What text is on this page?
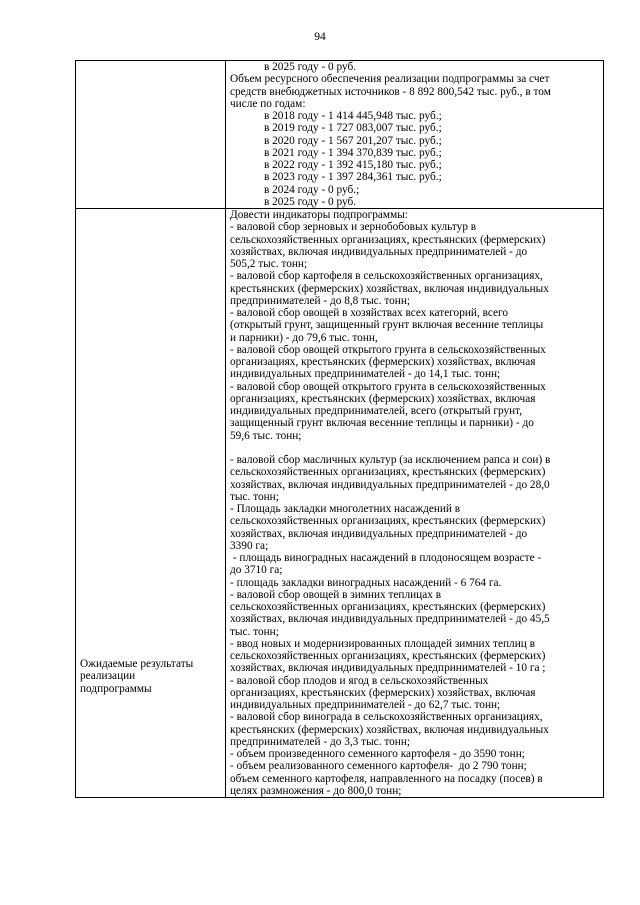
94
в 2025 году - 0 руб.
Объем ресурсного обеспечения реализации подпрограммы за счет
средств внебюджетных источников - 8 892 800,542 тыс. руб., в том
числе по годам:
в 2018 году - 1 414 445,948 тыс. руб.;
в 2019 году - 1 727 083,007 тыс. руб.;
в 2020 году - 1 567 201,207 тыс. руб.;
в 2021 году - 1 394 370,839 тыс. руб.;
в 2022 году - 1 392 415,180 тыс. руб.;
в 2023 году - 1 397 284,361 тыс. руб.;
в 2024 году - 0 руб.;
в 2025 году - 0 руб.
Ожидаемые результаты
реализации
подпрограммы
Довести индикаторы подпрограммы:
- валовой сбор зерновых и зернобобовых культур в
сельскохозяйственных организациях, крестьянских (фермерских)
хозяйствах, включая индивидуальных предпринимателей - до
505,2 тыс. тонн;
- валовой сбор картофеля в сельскохозяйственных организациях,
крестьянских (фермерских) хозяйствах, включая индивидуальных
предпринимателей - до 8,8 тыс. тонн;
- валовой сбор овощей в хозяйствах всех категорий, всего
(открытый грунт, защищенный грунт включая весенние теплицы
и парники) - до 79,6 тыс. тонн,
- валовой сбор овощей открытого грунта в сельскохозяйственных
организациях, крестьянских (фермерских) хозяйствах, включая
индивидуальных предпринимателей - до 14,1 тыс. тонн;
- валовой сбор овощей открытого грунта в сельскохозяйственных
организациях, крестьянских (фермерских) хозяйствах, включая
индивидуальных предпринимателей, всего (открытый грунт,
защищенный грунт включая весенние теплицы и парники) - до
59,6 тыс. тонн;
- валовой сбор масличных культур (за исключением рапса и сои) в
сельскохозяйственных организациях, крестьянских (фермерских)
хозяйствах, включая индивидуальных предпринимателей - до 28,0
тыс. тонн;
- Площадь закладки многолетних насаждений в
сельскохозяйственных организациях, крестьянских (фермерских)
хозяйствах, включая индивидуальных предпринимателей - до
3390 га;
- площадь виноградных насаждений в плодоносящем возрасте -
до 3710 га;
- площадь закладки виноградных насаждений - 6 764 га.
- валовой сбор овощей в зимних теплицах в
сельскохозяйственных организациях, крестьянских (фермерских)
хозяйствах, включая индивидуальных предпринимателей - до 45,5
тыс. тонн;
- ввод новых и модернизированных площадей зимних теплиц в
сельскохозяйственных организациях, крестьянских (фермерских)
хозяйствах, включая индивидуальных предпринимателей - 10 га ;
- валовой сбор плодов и ягод в сельскохозяйственных
организациях, крестьянских (фермерских) хозяйствах, включая
индивидуальных предпринимателей - до 62,7 тыс. тонн;
- валовой сбор винограда в сельскохозяйственных организациях,
крестьянских (фермерских) хозяйствах, включая индивидуальных
предпринимателей - до 3,3 тыс. тонн;
- объем произведенного семенного картофеля - до 3590 тонн;
- объем реализованного семенного картофеля-  до 2 790 тонн;
объем семенного картофеля, направленного на посадку (посев) в
целях размножения - до 800,0 тонн;
